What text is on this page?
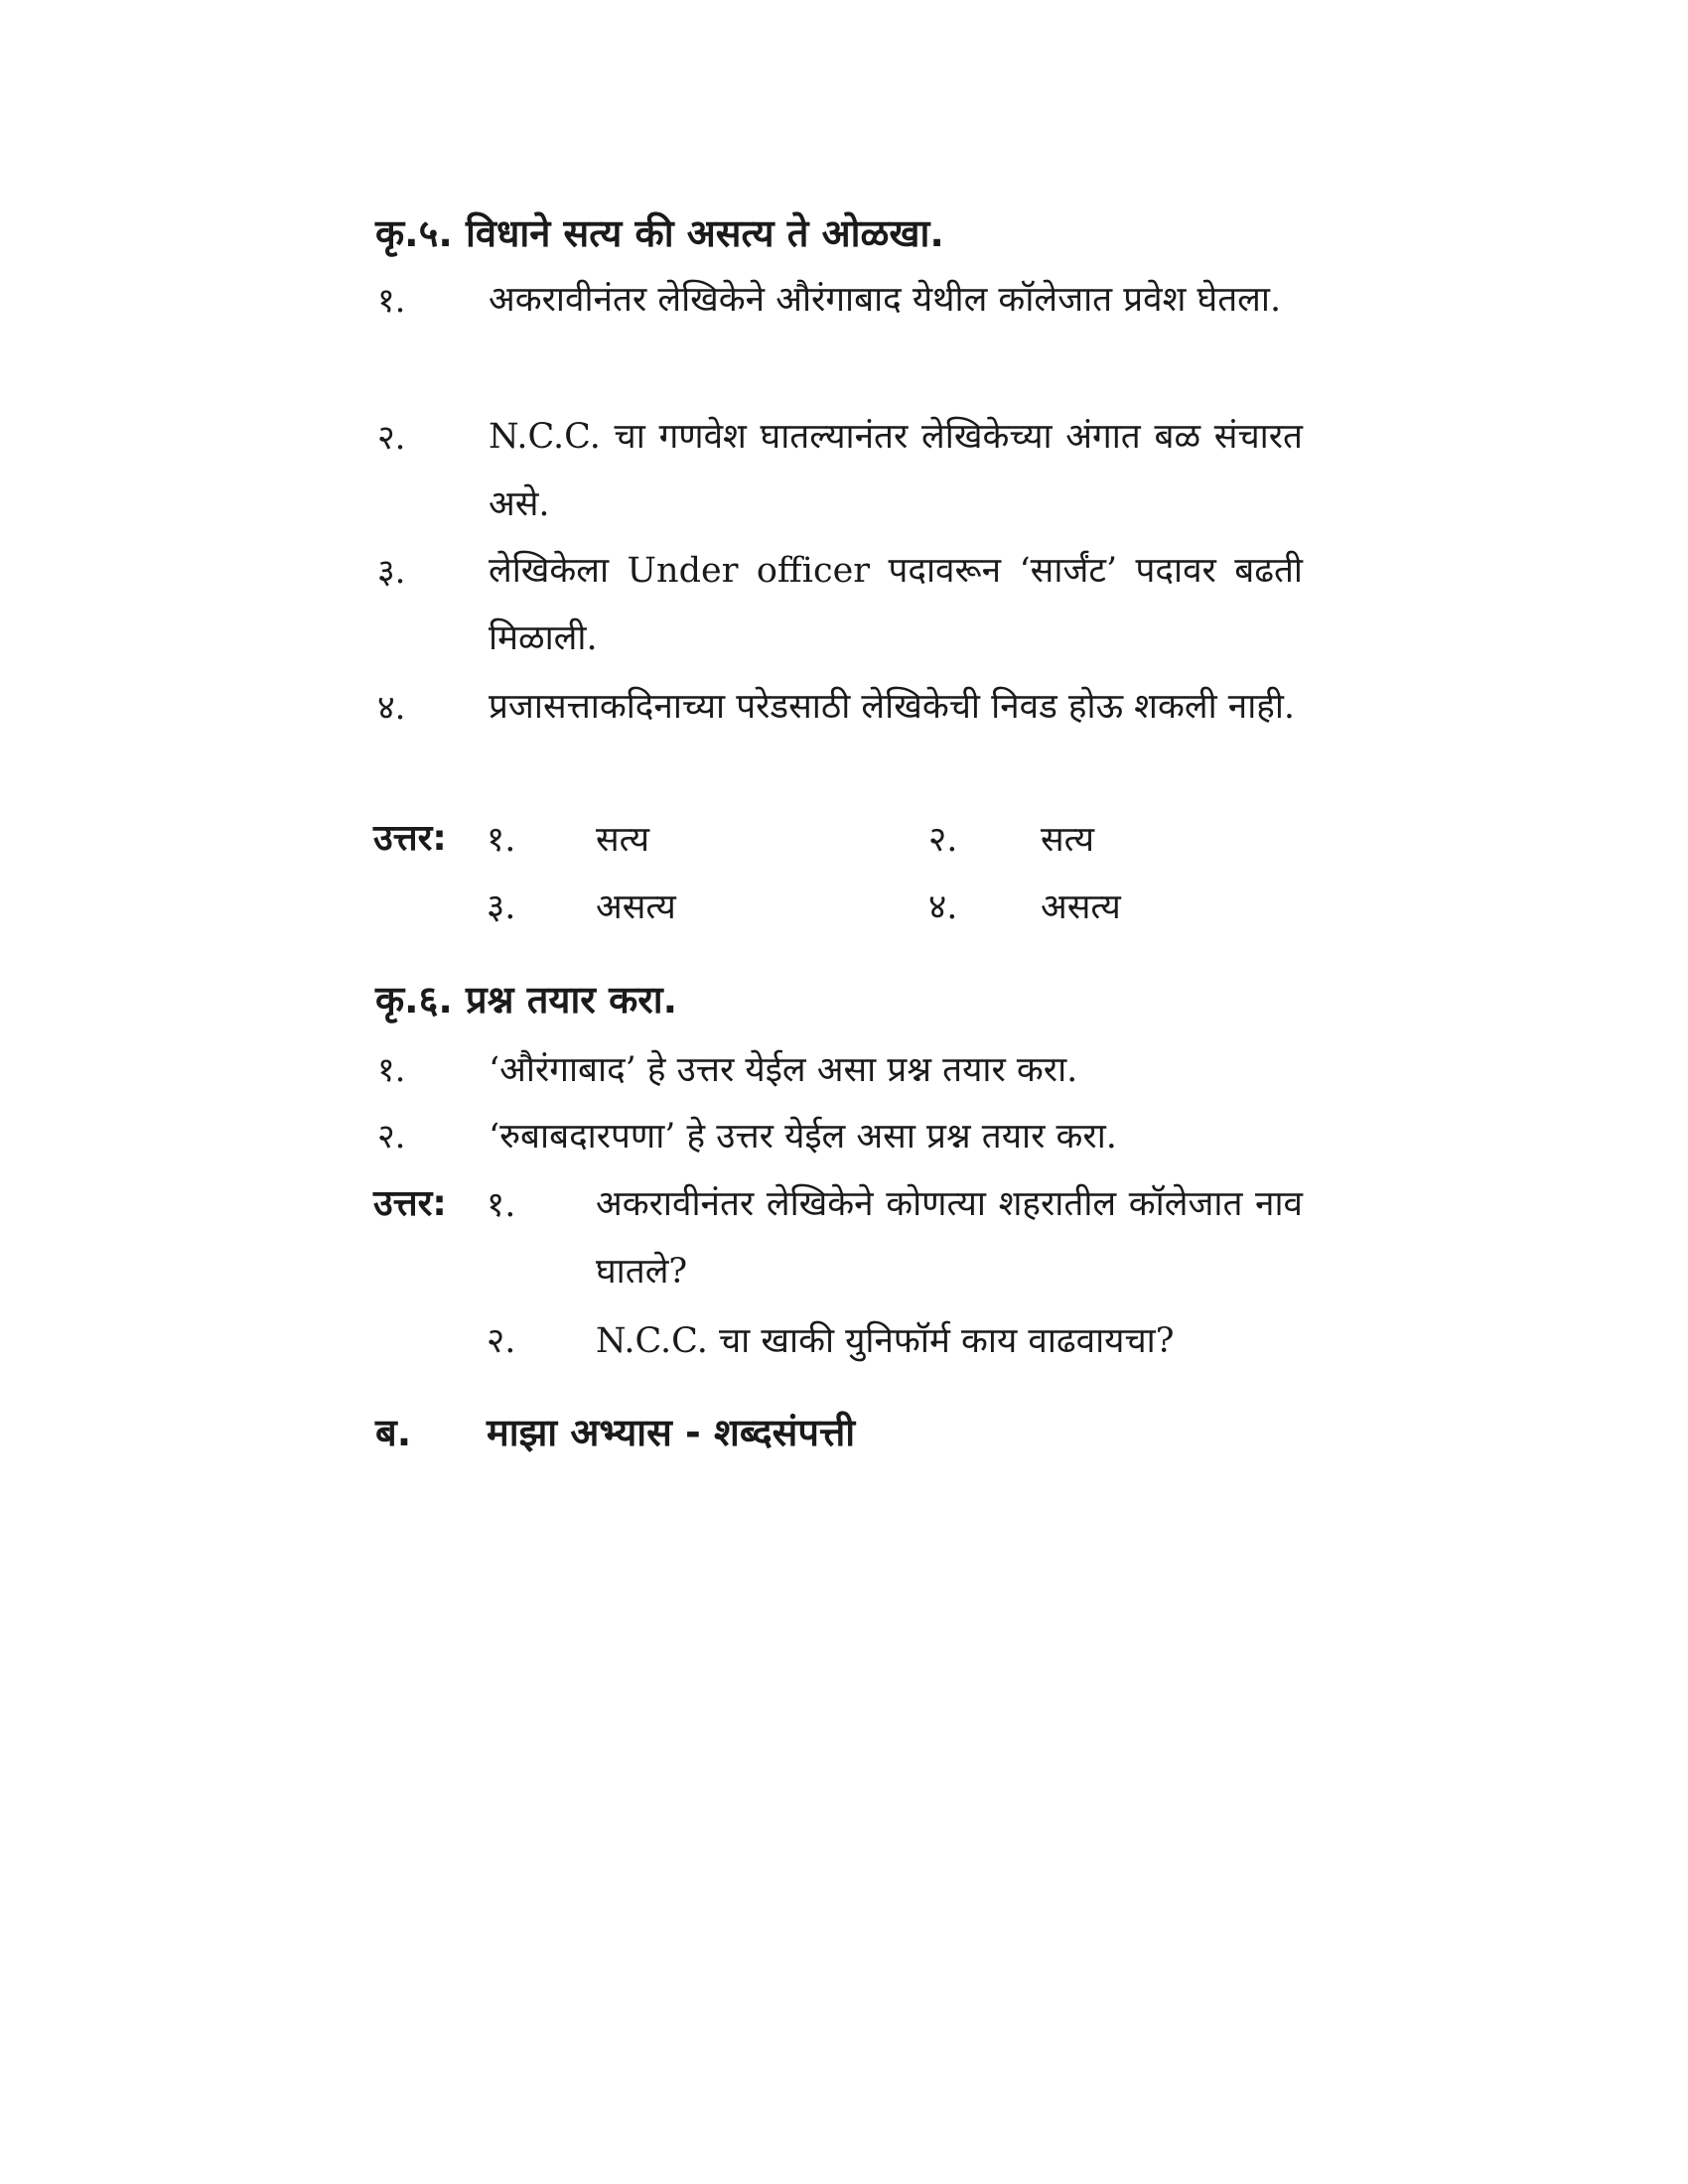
कृ.५. विधाने सत्य की असत्य ते ओळखा.
१. अकरावीनंतर लेखिकेने औरंगाबाद येथील कॉलेजात प्रवेश घेतला.
२. N.C.C. चा गणवेश घातल्यानंतर लेखिकेच्या अंगात बळ संचारत असे.
३. लेखिकेला Under officer पदावरून ‘सार्जंट’ पदावर बढती मिळाली.
४. प्रजासत्ताकदिनाच्या परेडसाठी लेखिकेची निवड होऊ शकली नाही.
उत्तर: १. सत्य	२. सत्य
३. असत्य	४. असत्य
कृ.६. प्रश्न तयार करा.
१. ‘औरंगाबाद’ हे उत्तर येईल असा प्रश्न तयार करा.
२. ‘रुबाबदारपणा’ हे उत्तर येईल असा प्रश्न तयार करा.
उत्तर: १. अकरावीनंतर लेखिकेने कोणत्या शहरातील कॉलेजात नाव घातले?
२. N.C.C. चा खाकी युनिफॉर्म काय वाढवायचा?
ब. माझा अभ्यास - शब्दसंपत्ती
